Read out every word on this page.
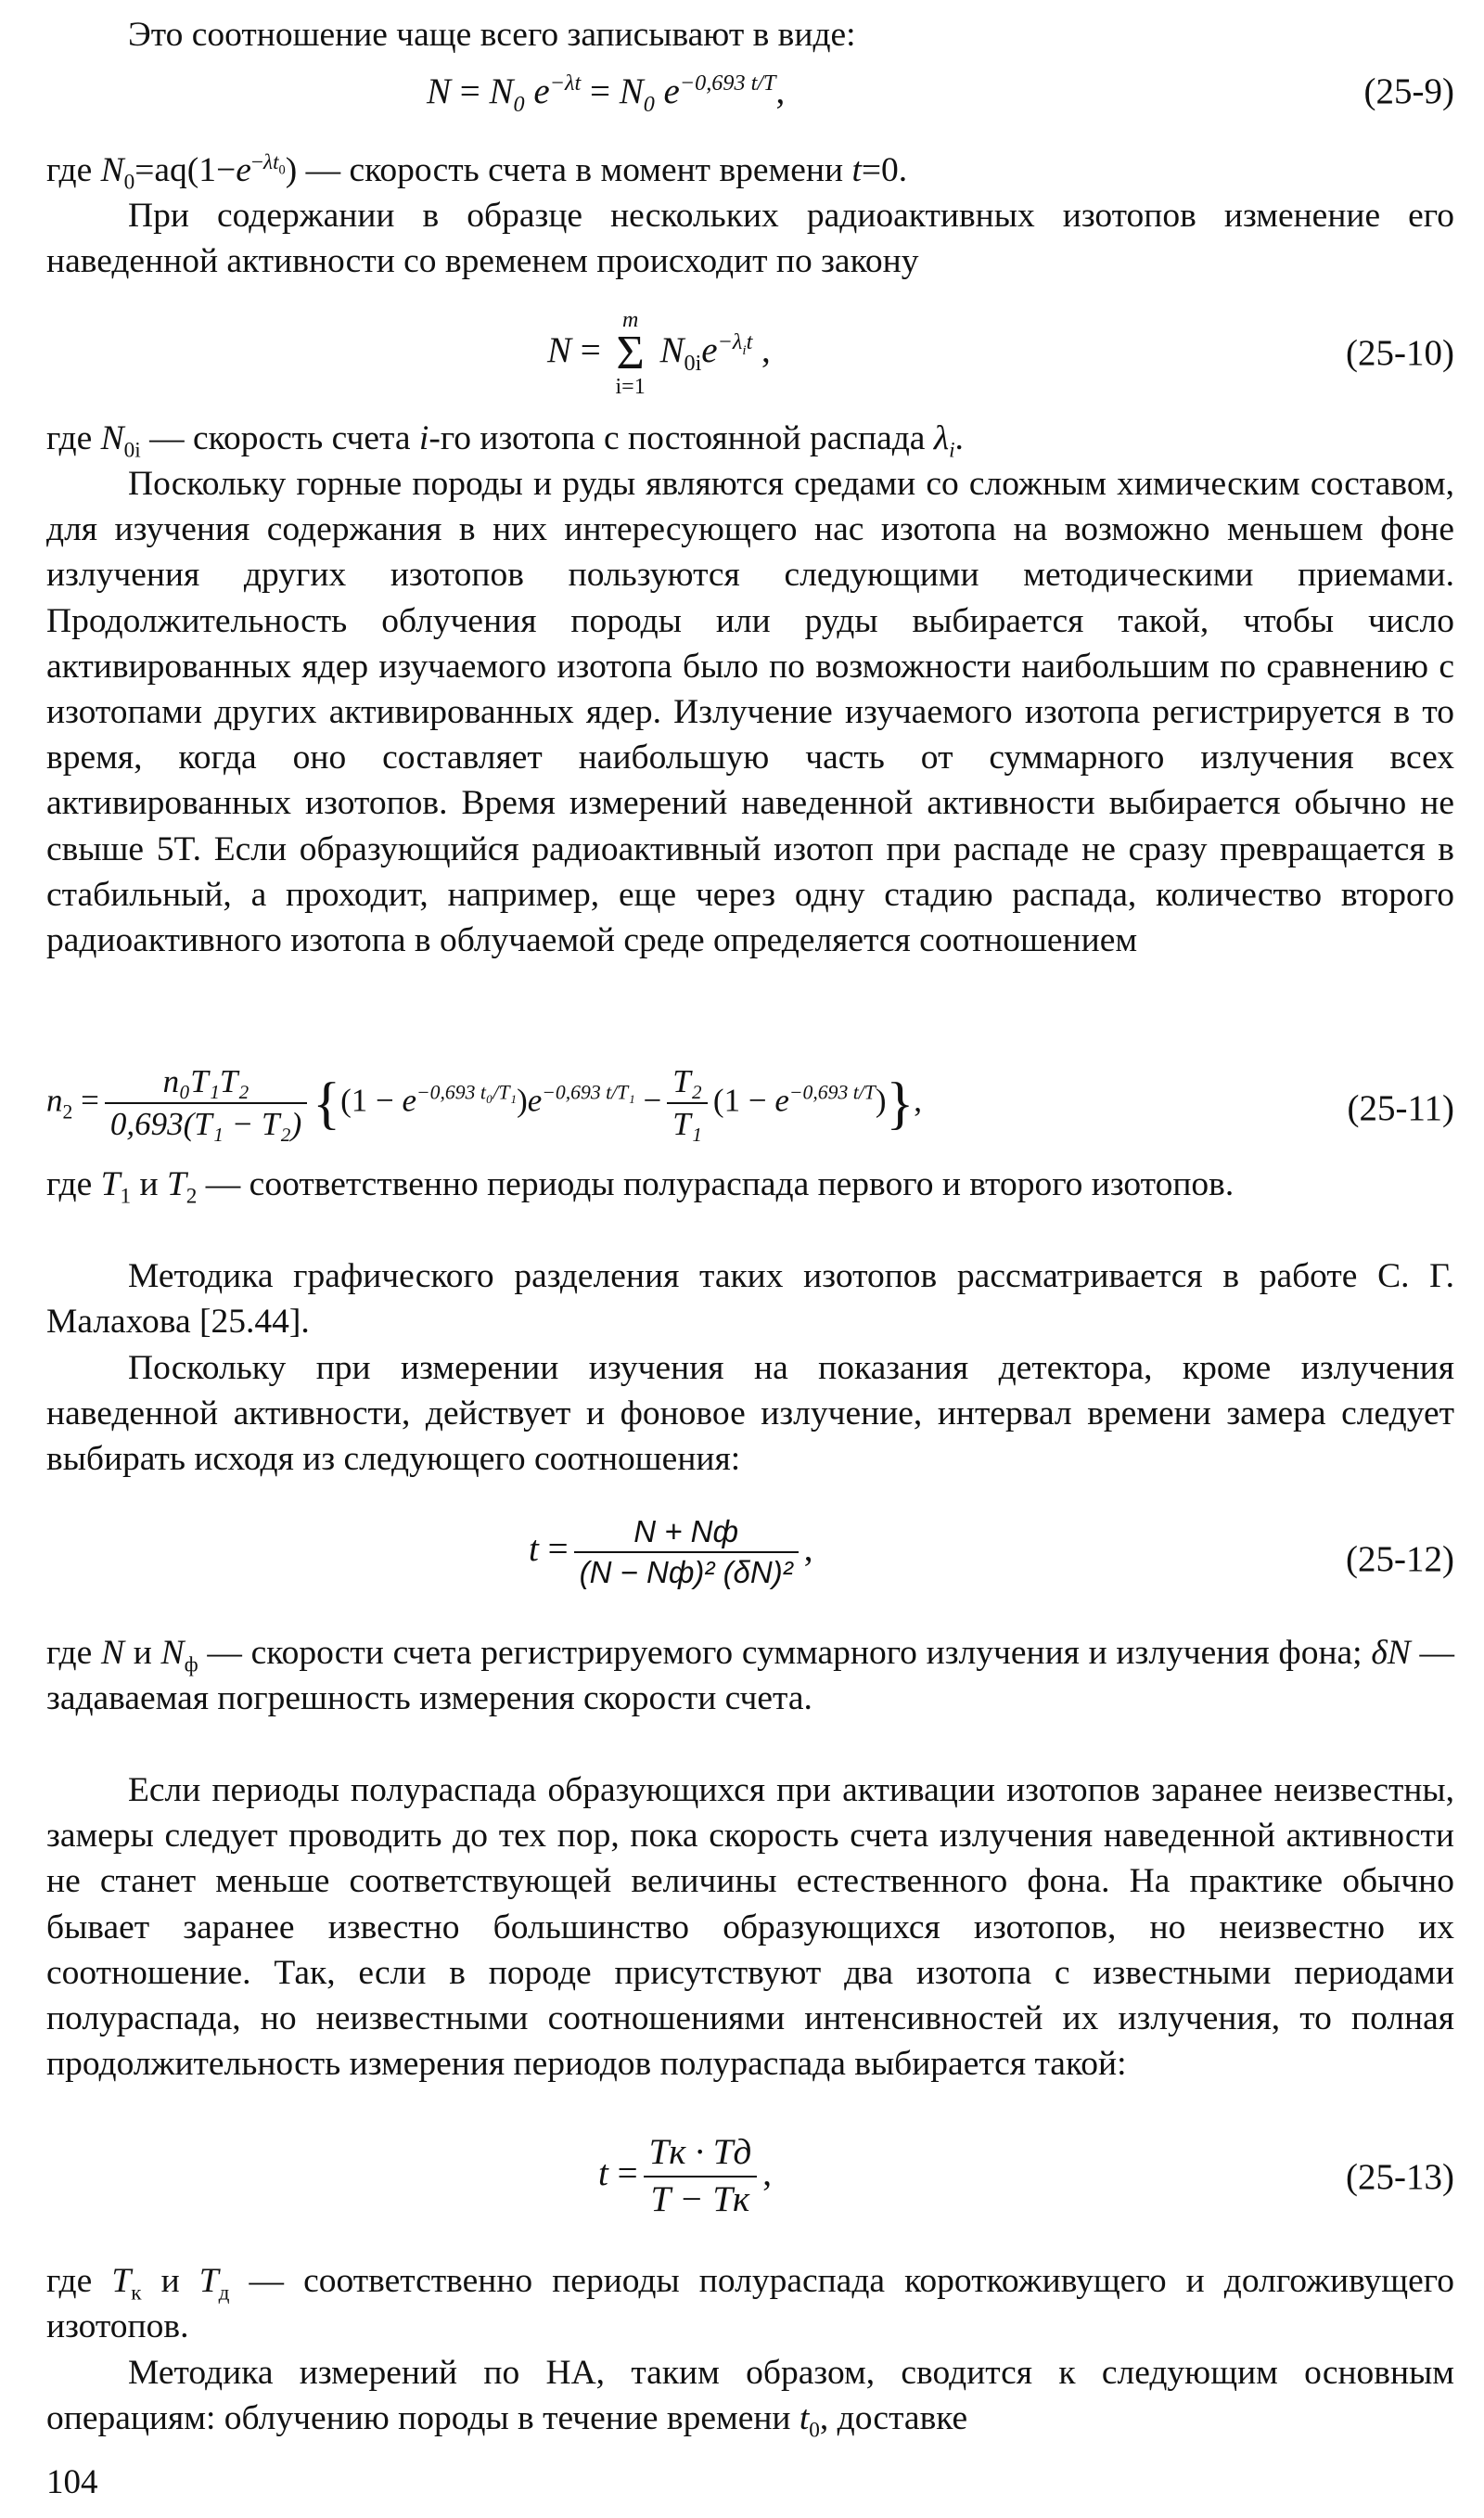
Это соотношение чаще всего записывают в виде:

$N = N_0$ $e^{-\lambda t} = N_0$ $e^{-0,693 t/T}$,	(25-9)

где $N_0=aq(1-e^{-\lambda t_0})$ — скорость счета в момент времени t=0.

При содержании в образце нескольких радиоактивных изотопов изменение его наведенной активности со временем происходит по закону

N =
m
Σ
i=1
$N_{0i}e^{-\lambda_it}$ ,	(25-10)

где $N_{0i}$ — скорость счета i-го изотопа с постоянной распада $\lambda_i$.

Поскольку горные породы и руды являются средами со сложным химическим составом, для изучения содержания в них интересующего нас изотопа на возможно меньшем фоне излучения других изотопов пользуются следующими методическими приемами. Продолжительность облучения породы или руды выбирается такой, чтобы число активированных ядер изучаемого изотопа было по возможности наибольшим по сравнению с изотопами других активированных ядер. Излучение изучаемого изотопа регистрируется в то время, когда оно составляет наибольшую часть от суммарного излучения всех активированных изотопов. Время измерений наведенной активности выбирается обычно не свыше 5T. Если образующийся радиоактивный изотоп при распаде не сразу превращается в стабильный, а проходит, например, еще через одну стадию распада, количество второго радиоактивного изотопа в облучаемой среде определяется соотношением

$n_2 = \frac{\text{n₀T₁T₂}}{\text{0,693(T₁ − T₂)}} \{(1 - e^{-0,693 t_0/T_1})e^{-0,693 t/T_1} - \frac{\text{T₂}}{\text{T₁}} (1 - e^{-0,693 t/T})\}$,	(25-11)

где $T_1$ и $T_2$ — соответственно периоды полураспада первого и второго изотопов.

Методика графического разделения таких изотопов рассматривается в работе С. Г. Малахова [25.44].

Поскольку при измерении изучения на показания детектора, кроме излучения наведенной активности, действует и фоновое излучение, интервал времени замера следует выбирать исходя из следующего соотношения:

$t = \frac{N + Nф}{\text{(N − Nф)² (δN)²}}$ ,	(25-12)

где N и $N_ф$ — скорости счета регистрируемого суммарного излучения и излучения фона; δN — задаваемая погрешность измерения скорости счета.

Если периоды полураспада образующихся при активации изотопов заранее неизвестны, замеры следует проводить до тех пор, пока скорость счета излучения наведенной активности не станет меньше соответствующей величины естественного фона. На практике обычно бывает заранее известно большинство образующихся изотопов, но неизвестно их соотношение. Так, если в породе присутствуют два изотопа с известными периодами полураспада, но неизвестными соотношениями интенсивностей их излучения, то полная продолжительность измерения периодов полураспада выбирается такой:

$t = \frac{Tк \cdot Tд}{T - Tк}$ ,	(25-13)

где $T_к$ и $T_д$ — соответственно периоды полураспада короткоживущего и долгоживущего изотопов.

Методика измерений по НА, таким образом, сводится к следующим основным операциям: облучению породы в течение времени $t_0$, доставке

104
